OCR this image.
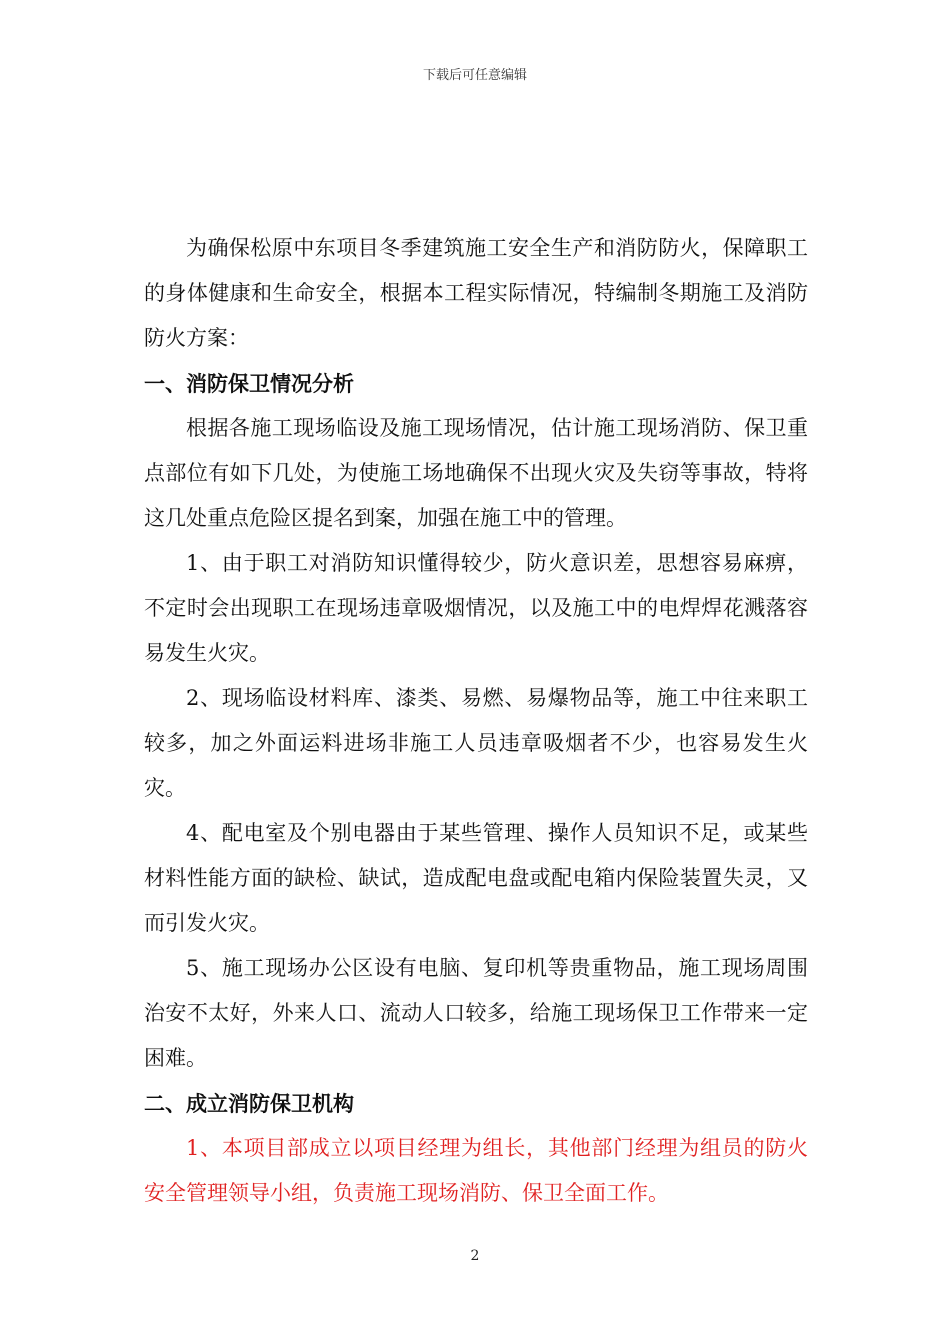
下载后可任意编辑

为确保松原中东项目冬季建筑施工安全生产和消防防火，保障职工的身体健康和生命安全，根据本工程实际情况，特编制冬期施工及消防防火方案：

一、消防保卫情况分析

根据各施工现场临设及施工现场情况，估计施工现场消防、保卫重点部位有如下几处，为使施工场地确保不出现火灾及失窃等事故，特将这几处重点危险区提名到案，加强在施工中的管理。

1、由于职工对消防知识懂得较少，防火意识差，思想容易麻痹，不定时会出现职工在现场违章吸烟情况，以及施工中的电焊焊花溅落容易发生火灾。

2、现场临设材料库、漆类、易燃、易爆物品等，施工中往来职工较多，加之外面运料进场非施工人员违章吸烟者不少，也容易发生火灾。

4、配电室及个别电器由于某些管理、操作人员知识不足，或某些材料性能方面的缺检、缺试，造成配电盘或配电箱内保险装置失灵，又而引发火灾。

5、施工现场办公区设有电脑、复印机等贵重物品，施工现场周围治安不太好，外来人口、流动人口较多，给施工现场保卫工作带来一定困难。

二、成立消防保卫机构

1、本项目部成立以项目经理为组长，其他部门经理为组员的防火安全管理领导小组，负责施工现场消防、保卫全面工作。

2
